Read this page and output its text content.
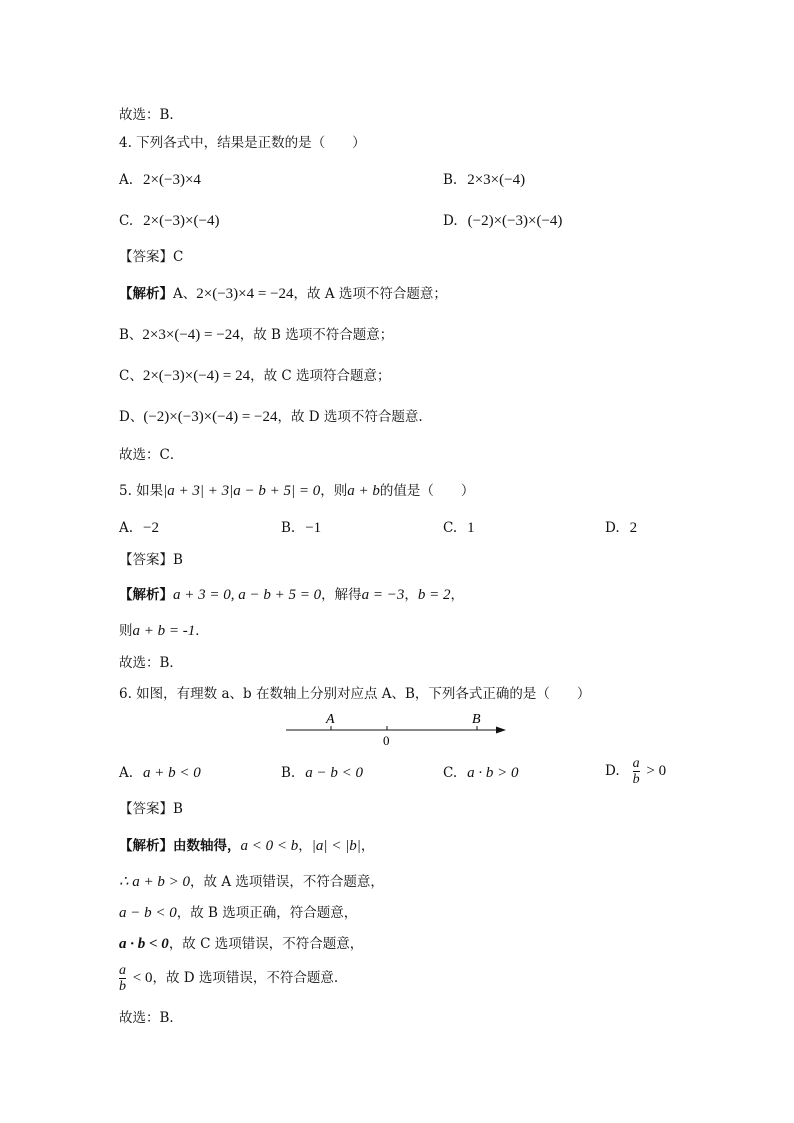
故选：B．
4. 下列各式中，结果是正数的是（　　）
A. 2×(−3)×4	B. 2×3×(−4)
C. 2×(−3)×(−4)	D. (−2)×(−3)×(−4)
【答案】C
【解析】A、2×(−3)×4 = −24，故 A 选项不符合题意；
B、2×3×(−4) = −24，故 B 选项不符合题意；
C、2×(−3)×(−4) = 24，故 C 选项符合题意；
D、(−2)×(−3)×(−4) = −24，故 D 选项不符合题意.
故选：C．
5. 如果|a + 3| + 3|a − b + 5| = 0，则a + b的值是（　　）
A. −2	B. −1	C. 1	D. 2
【答案】B
【解析】a + 3 = 0, a − b + 5 = 0，解得a = −3，b = 2，
则a + b = -1．
故选：B．
6. 如图，有理数 a、b 在数轴上分别对应点 A、B，下列各式正确的是（　　）
A	B
0
A. a + b < 0	B. a − b < 0	C. a · b > 0	D. $\frac{a}{b} > 0$
【答案】B
【解析】由数轴得，a < 0 < b，|a| < |b|，
∴ a + b > 0，故 A 选项错误，不符合题意，
a − b < 0，故 B 选项正确，符合题意，
a · b < 0，故 C 选项错误，不符合题意，
$\frac{a}{b} < 0$，故 D 选项错误，不符合题意.
故选：B．
